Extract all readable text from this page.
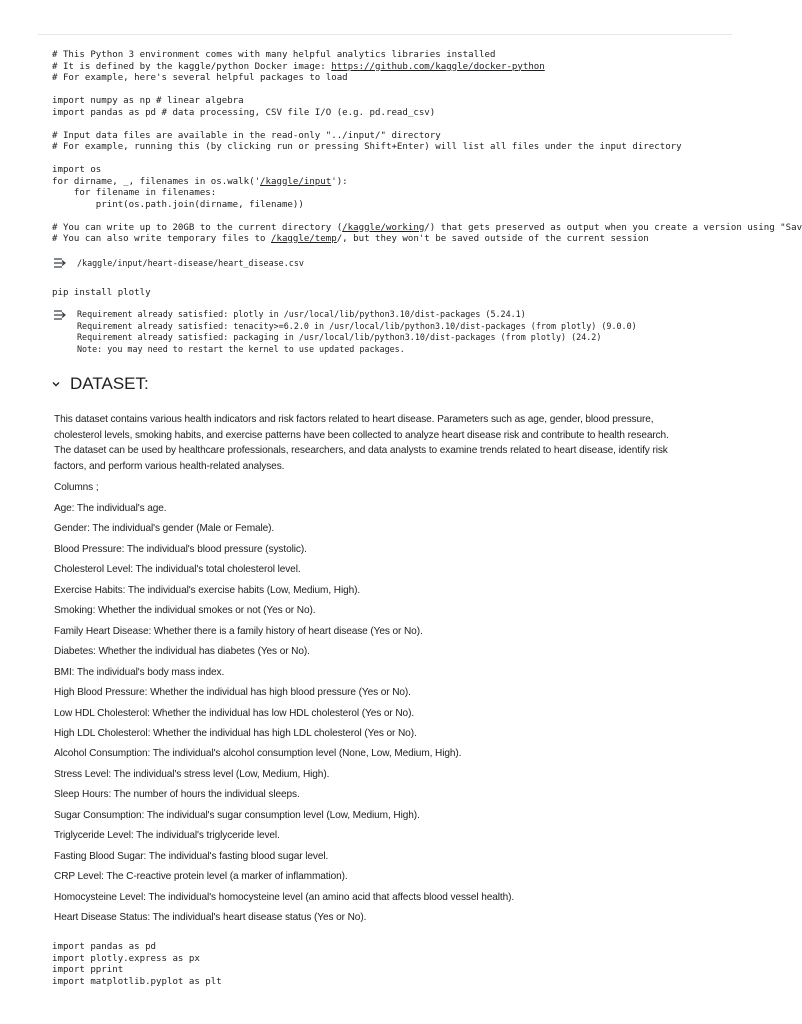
# This Python 3 environment comes with many helpful analytics libraries installed
# It is defined by the kaggle/python Docker image: https://github.com/kaggle/docker-python
# For example, here's several helpful packages to load
import numpy as np # linear algebra
import pandas as pd # data processing, CSV file I/O (e.g. pd.read_csv)
# Input data files are available in the read-only "../input/" directory
# For example, running this (by clicking run or pressing Shift+Enter) will list all files under the input directory
import os
for dirname, _, filenames in os.walk('/kaggle/input'):
for filename in filenames:
print(os.path.join(dirname, filename))
# You can write up to 20GB to the current directory (/kaggle/working/) that gets preserved as output when you create a version using "Sav
# You can also write temporary files to /kaggle/temp/, but they won't be saved outside of the current session
/kaggle/input/heart-disease/heart_disease.csv
pip install plotly
Requirement already satisfied: plotly in /usr/local/lib/python3.10/dist-packages (5.24.1)
Requirement already satisfied: tenacity>=6.2.0 in /usr/local/lib/python3.10/dist-packages (from plotly) (9.0.0)
Requirement already satisfied: packaging in /usr/local/lib/python3.10/dist-packages (from plotly) (24.2)
Note: you may need to restart the kernel to use updated packages.
DATASET:
This dataset contains various health indicators and risk factors related to heart disease. Parameters such as age, gender, blood pressure,
cholesterol levels, smoking habits, and exercise patterns have been collected to analyze heart disease risk and contribute to health research.
The dataset can be used by healthcare professionals, researchers, and data analysts to examine trends related to heart disease, identify risk
factors, and perform various health-related analyses.
Columns ;
Age: The individual's age.
Gender: The individual's gender (Male or Female).
Blood Pressure: The individual's blood pressure (systolic).
Cholesterol Level: The individual's total cholesterol level.
Exercise Habits: The individual's exercise habits (Low, Medium, High).
Smoking: Whether the individual smokes or not (Yes or No).
Family Heart Disease: Whether there is a family history of heart disease (Yes or No).
Diabetes: Whether the individual has diabetes (Yes or No).
BMI: The individual's body mass index.
High Blood Pressure: Whether the individual has high blood pressure (Yes or No).
Low HDL Cholesterol: Whether the individual has low HDL cholesterol (Yes or No).
High LDL Cholesterol: Whether the individual has high LDL cholesterol (Yes or No).
Alcohol Consumption: The individual's alcohol consumption level (None, Low, Medium, High).
Stress Level: The individual's stress level (Low, Medium, High).
Sleep Hours: The number of hours the individual sleeps.
Sugar Consumption: The individual's sugar consumption level (Low, Medium, High).
Triglyceride Level: The individual's triglyceride level.
Fasting Blood Sugar: The individual's fasting blood sugar level.
CRP Level: The C-reactive protein level (a marker of inflammation).
Homocysteine Level: The individual's homocysteine level (an amino acid that affects blood vessel health).
Heart Disease Status: The individual's heart disease status (Yes or No).
import pandas as pd
import plotly.express as px
import pprint
import matplotlib.pyplot as plt
